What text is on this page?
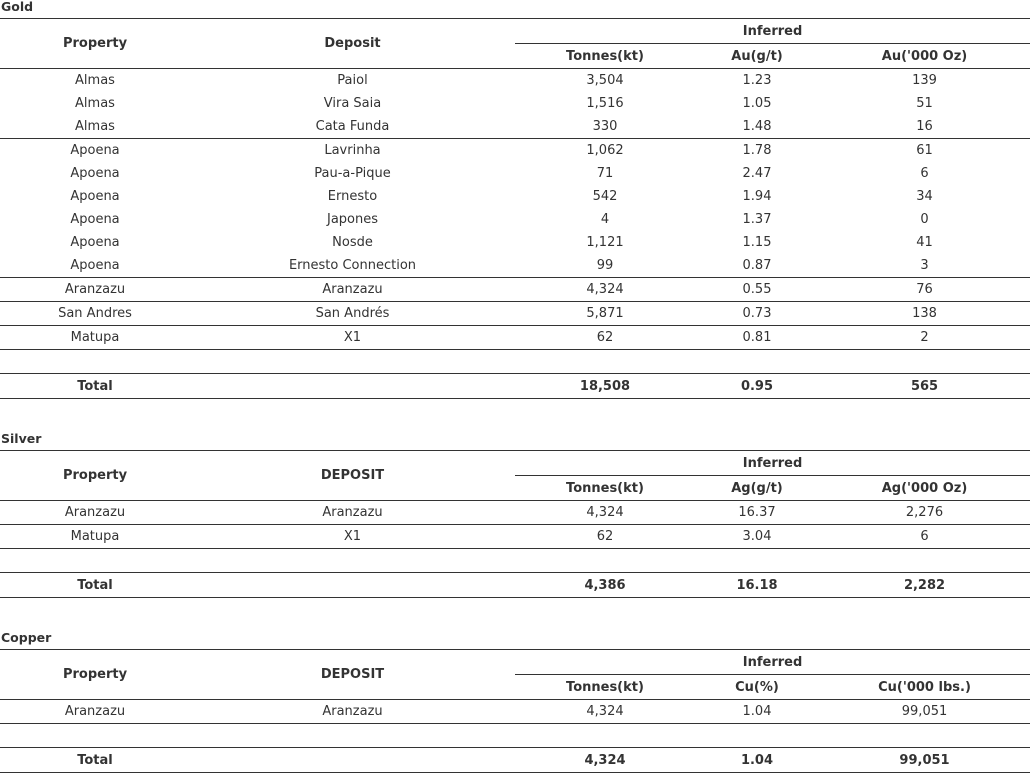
Gold
Property	Deposit	Inferred		
		Tonnes(kt)	Au(g/t)	Au('000 Oz)
Almas	Paiol	3,504	1.23	139
Almas	Vira Saia	1,516	1.05	51
Almas	Cata Funda	330	1.48	16
Apoena	Lavrinha	1,062	1.78	61
Apoena	Pau-a-Pique	71	2.47	6
Apoena	Ernesto	542	1.94	34
Apoena	Japones	4	1.37	0
Apoena	Nosde	1,121	1.15	41
Apoena	Ernesto Connection	99	0.87	3
Aranzazu	Aranzazu	4,324	0.55	76
San Andres	San Andrés	5,871	0.73	138
Matupa	X1	62	0.81	2

Total		18,508	0.95	565
Silver
Property	DEPOSIT	Inferred		
		Tonnes(kt)	Ag(g/t)	Ag('000 Oz)
Aranzazu	Aranzazu	4,324	16.37	2,276
Matupa	X1	62	3.04	6

Total		4,386	16.18	2,282
Copper
Property	DEPOSIT	Inferred		
		Tonnes(kt)	Cu(%)	Cu('000 lbs.)
Aranzazu	Aranzazu	4,324	1.04	99,051

Total		4,324	1.04	99,051
